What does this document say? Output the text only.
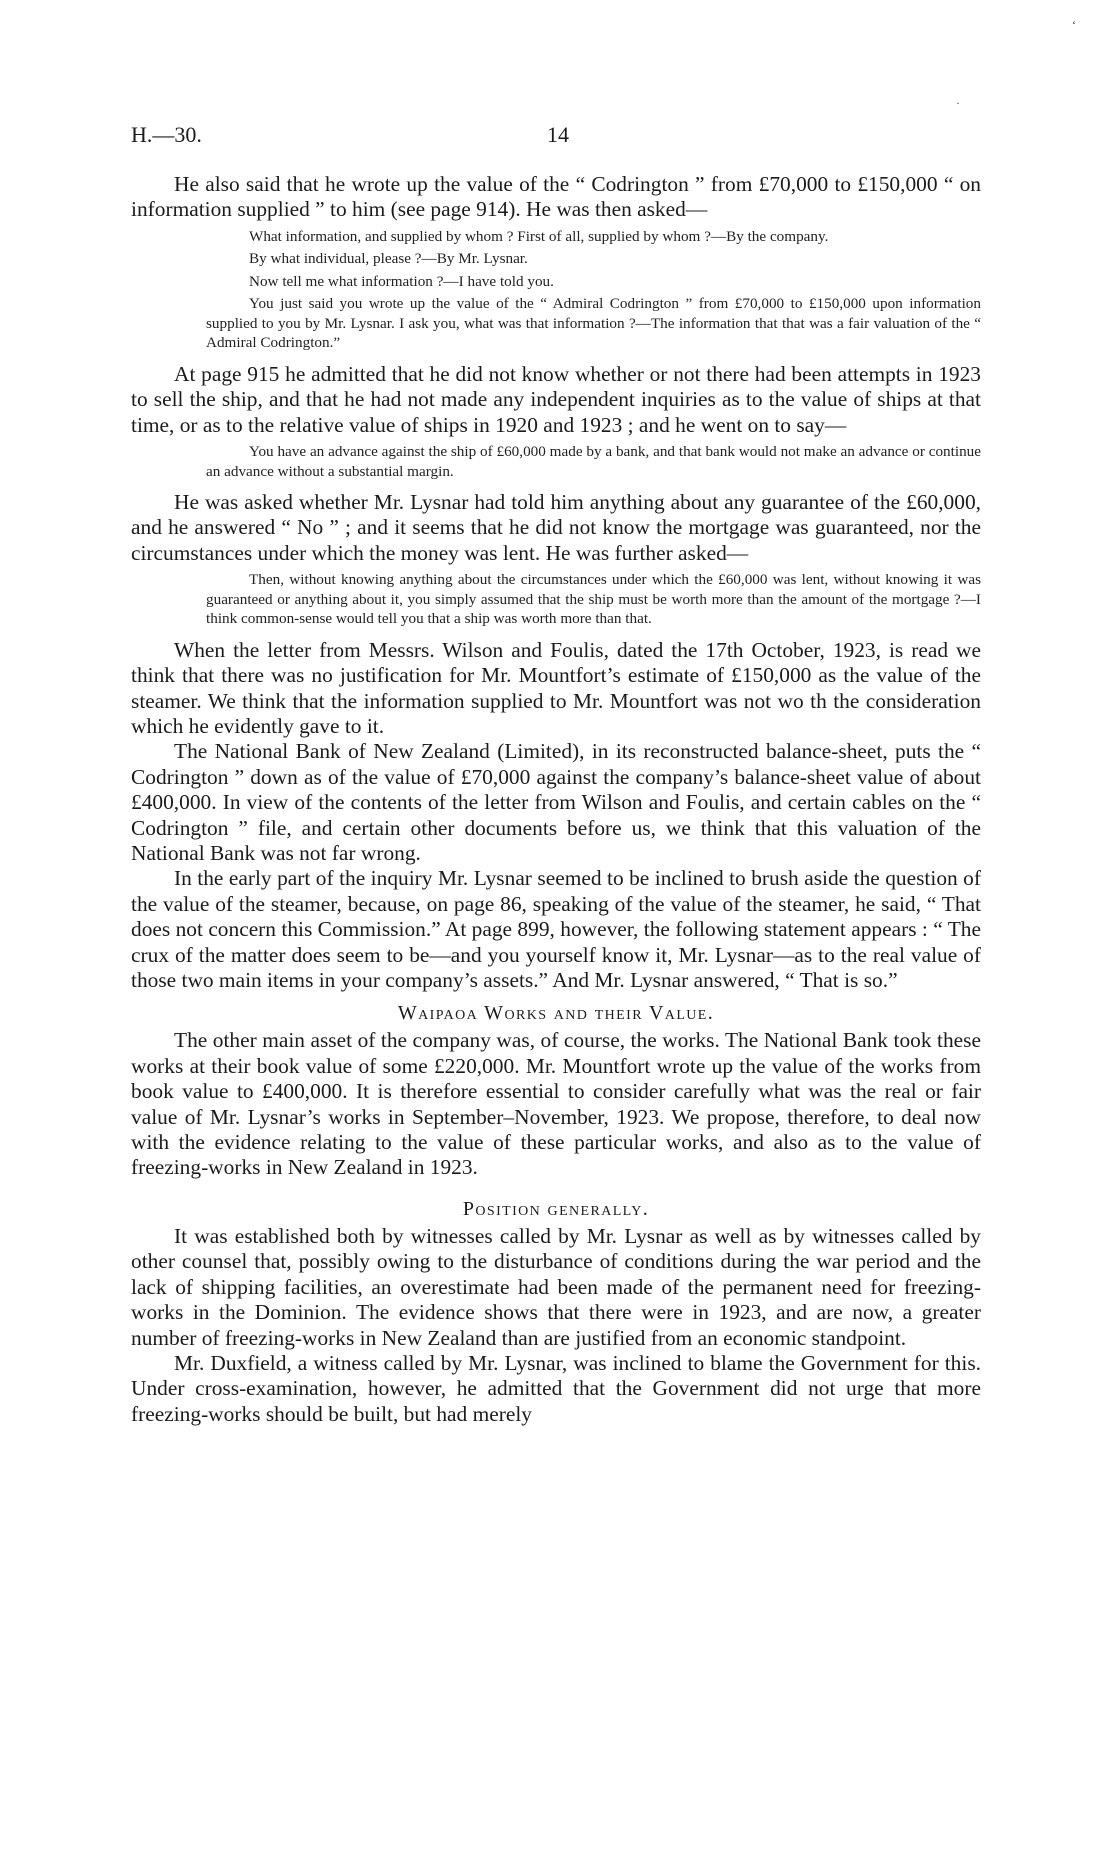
ʻ
·
H.—30.	14

He also said that he wrote up the value of the “ Codrington ” from £70,000 to £150,000 “ on information supplied ” to him (see page 914). He was then asked—

What information, and supplied by whom ? First of all, supplied by whom ?—By the company.

By what individual, please ?—By Mr. Lysnar.

Now tell me what information ?—I have told you.

You just said you wrote up the value of the “ Admiral Codrington ” from £70,000 to £150,000 upon information supplied to you by Mr. Lysnar. I ask you, what was that information ?—The information that that was a fair valuation of the “ Admiral Codrington.”

At page 915 he admitted that he did not know whether or not there had been attempts in 1923 to sell the ship, and that he had not made any independent inquiries as to the value of ships at that time, or as to the relative value of ships in 1920 and 1923 ; and he went on to say—

You have an advance against the ship of £60,000 made by a bank, and that bank would not make an advance or continue an advance without a substantial margin.

He was asked whether Mr. Lysnar had told him anything about any guarantee of the £60,000, and he answered “ No ” ; and it seems that he did not know the mortgage was guaranteed, nor the circumstances under which the money was lent. He was further asked—

Then, without knowing anything about the circumstances under which the £60,000 was lent, without knowing it was guaranteed or anything about it, you simply assumed that the ship must be worth more than the amount of the mortgage ?—I think common-sense would tell you that a ship was worth more than that.

When the letter from Messrs. Wilson and Foulis, dated the 17th October, 1923, is read we think that there was no justification for Mr. Mountfort’s estimate of £150,000 as the value of the steamer. We think that the information supplied to Mr. Mountfort was not wo th the consideration which he evidently gave to it.

The National Bank of New Zealand (Limited), in its reconstructed balance-sheet, puts the “ Codrington ” down as of the value of £70,000 against the company’s balance-sheet value of about £400,000. In view of the contents of the letter from Wilson and Foulis, and certain cables on the “ Codrington ” file, and certain other documents before us, we think that this valuation of the National Bank was not far wrong.

In the early part of the inquiry Mr. Lysnar seemed to be inclined to brush aside the question of the value of the steamer, because, on page 86, speaking of the value of the steamer, he said, “ That does not concern this Commission.” At page 899, however, the following statement appears : “ The crux of the matter does seem to be—and you yourself know it, Mr. Lysnar—as to the real value of those two main items in your company’s assets.” And Mr. Lysnar answered, “ That is so.”

Waipaoa Works and their Value.

The other main asset of the company was, of course, the works. The National Bank took these works at their book value of some £220,000. Mr. Mountfort wrote up the value of the works from book value to £400,000. It is therefore essential to consider carefully what was the real or fair value of Mr. Lysnar’s works in September–November, 1923. We propose, therefore, to deal now with the evidence relating to the value of these particular works, and also as to the value of freezing-works in New Zealand in 1923.

Position generally.

It was established both by witnesses called by Mr. Lysnar as well as by witnesses called by other counsel that, possibly owing to the disturbance of conditions during the war period and the lack of shipping facilities, an overestimate had been made of the permanent need for freezing-works in the Dominion. The evidence shows that there were in 1923, and are now, a greater number of freezing-works in New Zealand than are justified from an economic standpoint.

Mr. Duxfield, a witness called by Mr. Lysnar, was inclined to blame the Government for this. Under cross-examination, however, he admitted that the Government did not urge that more freezing-works should be built, but had merely
